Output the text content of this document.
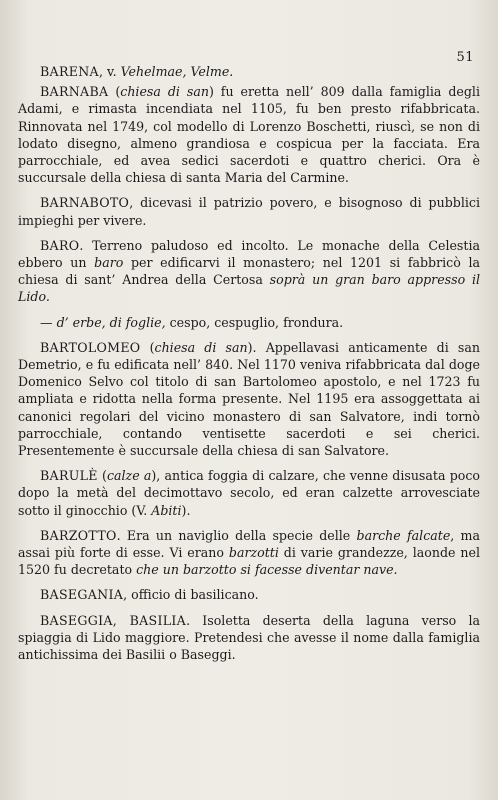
51

BARENA, v. Vehelmae, Velme.

BARNABA (chiesa di san) fu eretta nell’ 809 dalla famiglia degli Adami, e rimasta incendiata nel 1105, fu ben presto rifabbricata. Rinnovata nel 1749, col modello di Lorenzo Boschetti, riuscì, se non di lodato disegno, almeno grandiosa e cospicua per la facciata. Era parrocchiale, ed avea sedici sacerdoti e quattro cherici. Ora è succursale della chiesa di santa Maria del Carmine.

BARNABOTO, dicevasi il patrizio povero, e bisognoso di pubblici impieghi per vivere.

BARO. Terreno paludoso ed incolto. Le monache della Celestia ebbero un baro per edificarvi il monastero; nel 1201 si fabbricò la chiesa di sant’ Andrea della Certosa soprà un gran baro appresso il Lido.

— d’ erbe, di foglie, cespo, cespuglio, frondura.

BARTOLOMEO (chiesa di san). Appellavasi anticamente di san Demetrio, e fu edificata nell’ 840. Nel 1170 veniva rifabbricata dal doge Domenico Selvo col titolo di san Bartolomeo apostolo, e nel 1723 fu ampliata e ridotta nella forma presente. Nel 1195 era assoggettata ai canonici regolari del vicino monastero di san Salvatore, indi tornò parrocchiale, contando ventisette sacerdoti e sei cherici. Presentemente è succursale della chiesa di san Salvatore.

BARULÈ (calze a), antica foggia di calzare, che venne disusata poco dopo la metà del decimottavo secolo, ed eran calzette arrovesciate sotto il ginocchio (V. Abiti).

BARZOTTO. Era un naviglio della specie delle barche falcate, ma assai più forte di esse. Vi erano barzotti di varie grandezze, laonde nel 1520 fu decretato che un barzotto si facesse diventar nave.

BASEGANIA, officio di basilicano.

BASEGGIA, BASILIA. Isoletta deserta della laguna verso la spiaggia di Lido maggiore. Pretendesi che avesse il nome dalla famiglia antichissima dei Basilii o Baseggi.
